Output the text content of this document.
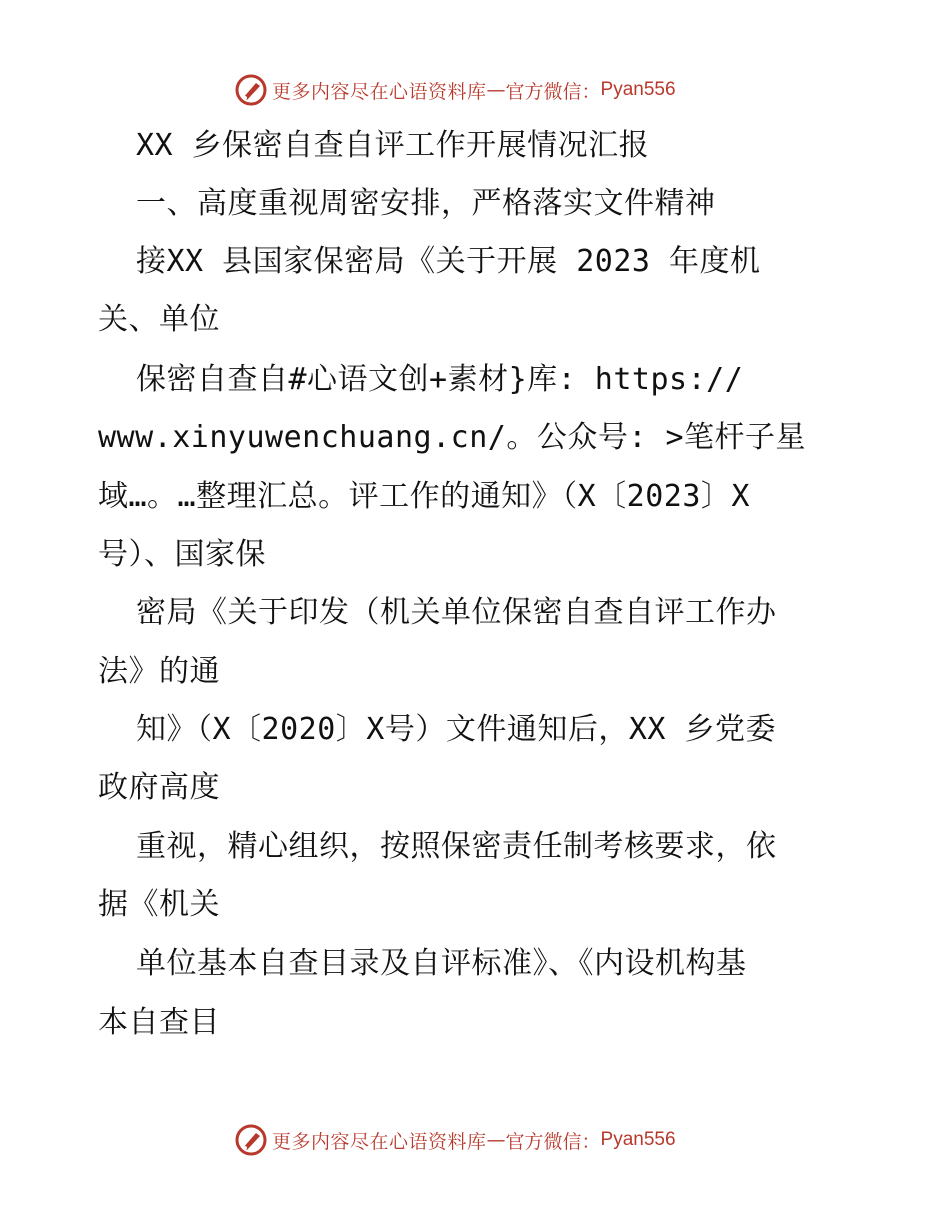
更多内容尽在心语资料库 — 官方微信： Pyan556

XX 乡保密自查自评工作开展情况汇报

一、高度重视周密安排，严格落实文件精神

接XX 县国家保密局《关于开展 2023 年度机

关、单位

保密自查自#心语文创+素材}库: https://

www.xinyuwenchuang.cn/。公众号: >笔杆子星

域…。…整理汇总。评工作的通知》（X〔2023〕X

号）、国家保

密局《关于印发（机关单位保密自查自评工作办

法》的通

知》（X〔2020〕X号）文件通知后，XX 乡党委

政府高度

重视，精心组织，按照保密责任制考核要求，依

据《机关

单位基本自查目录及自评标准》、《内设机构基

本自查目

更多内容尽在心语资料库 — 官方微信： Pyan556
